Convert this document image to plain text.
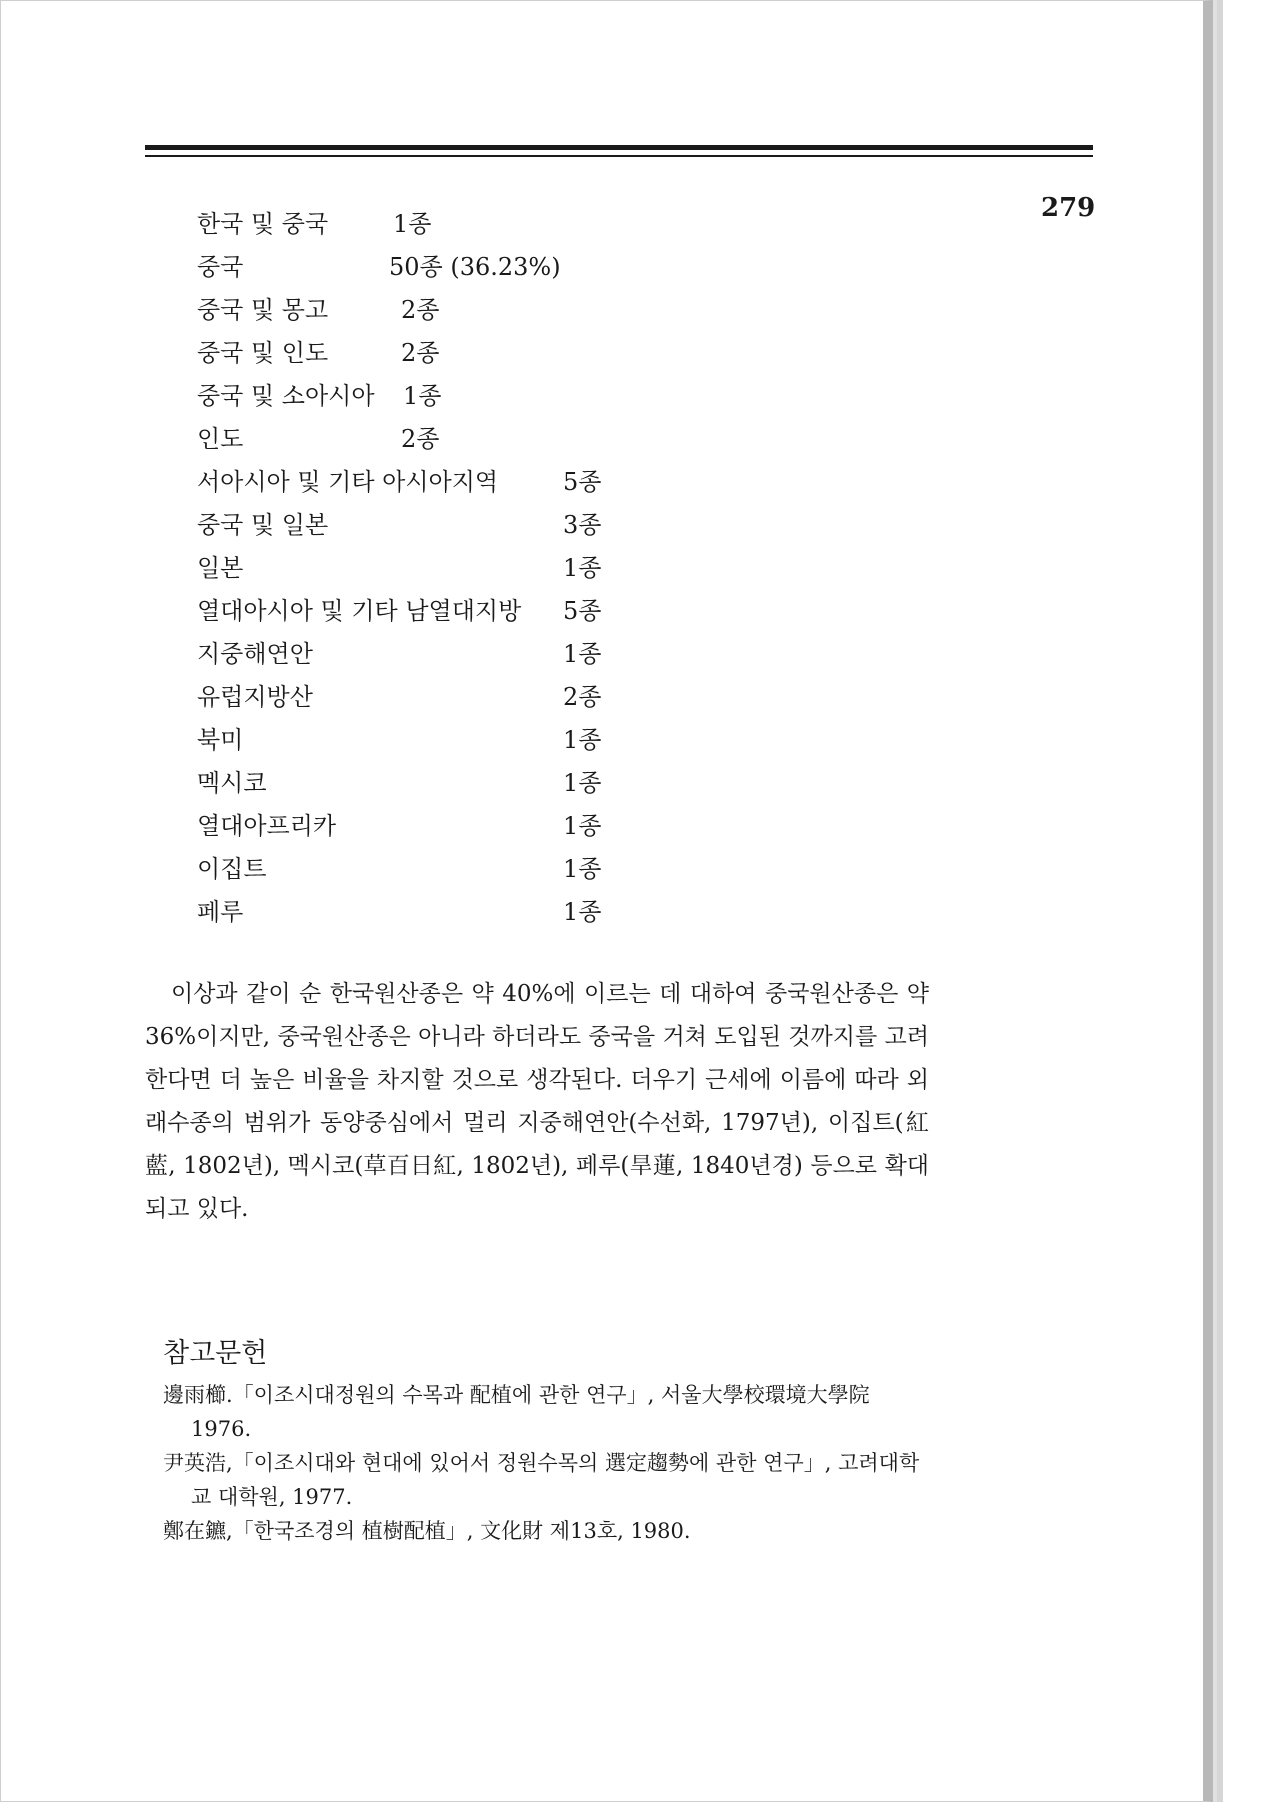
279
한국 및 중국	1종
중국	50종 (36.23%)
중국 및 몽고	2종
중국 및 인도	2종
중국 및 소아시아 1종
인도	2종
서아시아 및 기타 아시아지역	5종
중국 및 일본	3종
일본	1종
열대아시아 및 기타 남열대지방 5종
지중해연안	1종
유럽지방산	2종
북미	1종
멕시코	1종
열대아프리카	1종
이집트	1종
페루	1종

이상과 같이 순 한국원산종은 약 40%에 이르는 데 대하여 중국원산종은 약 36%이지만, 중국원산종은 아니라 하더라도 중국을 거쳐 도입된 것까지를 고려한다면 더 높은 비율을 차지할 것으로 생각된다. 더우기 근세에 이름에 따라 외래수종의 범위가 동양중심에서 멀리 지중해연안(수선화, 1797년), 이집트(紅藍, 1802년), 멕시코(草百日紅, 1802년), 페루(旱蓮, 1840년경) 등으로 확대되고 있다.

참고문헌
邊雨櫛.「이조시대정원의 수목과 配植에 관한 연구」, 서울大學校環境大學院 1976.
尹英浩,「이조시대와 현대에 있어서 정원수목의 選定趨勢에 관한 연구」, 고려대학교 대학원, 1977.
鄭在鑣,「한국조경의 植樹配植」, 文化財 제13호, 1980.
